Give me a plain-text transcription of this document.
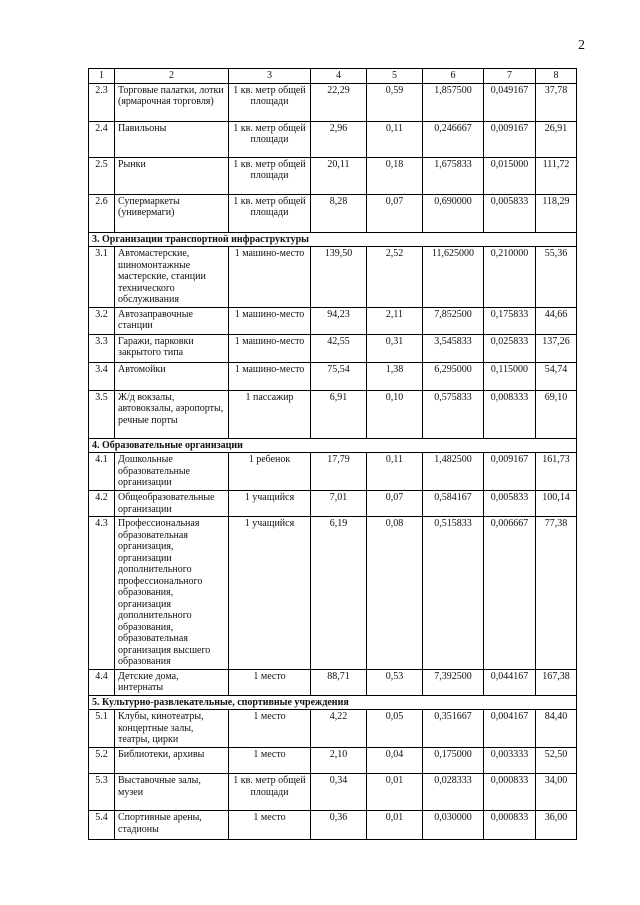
2
1	2	3	4	5	6	7	8
2.3	Торговые палатки, лотки (ярмарочная торговля)	1 кв. метр общей площади	22,29	0,59	1,857500	0,049167	37,78
2.4	Павильоны	1 кв. метр общей площади	2,96	0,11	0,246667	0,009167	26,91
2.5	Рынки	1 кв. метр общей площади	20,11	0,18	1,675833	0,015000	111,72
2.6	Супермаркеты (универмаги)	1 кв. метр общей площади	8,28	0,07	0,690000	0,005833	118,29
3. Организации транспортной инфраструктуры							
3.1	Автомастерские, шиномонтажные мастерские, станции технического обслуживания	1 машино-место	139,50	2,52	11,625000	0,210000	55,36
3.2	Автозаправочные станции	1 машино-место	94,23	2,11	7,852500	0,175833	44,66
3.3	Гаражи, парковки закрытого типа	1 машино-место	42,55	0,31	3,545833	0,025833	137,26
3.4	Автомойки	1 машино-место	75,54	1,38	6,295000	0,115000	54,74
3.5	Ж/д вокзалы, автовокзалы, аэропорты, речные порты	1 пассажир	6,91	0,10	0,575833	0,008333	69,10
4. Образовательные организации							
4.1	Дошкольные образовательные организации	1 ребенок	17,79	0,11	1,482500	0,009167	161,73
4.2	Общеобразовательные организации	1 учащийся	7,01	0,07	0,584167	0,005833	100,14
4.3	Профессиональная образовательная организация, организации дополнительного профессионального образования, организация дополнительного образования, образовательная организация высшего образования	1 учащийся	6,19	0,08	0,515833	0,006667	77,38
4.4	Детские дома, интернаты	1 место	88,71	0,53	7,392500	0,044167	167,38
5. Культурно-развлекательные, спортивные учреждения							
5.1	Клубы, кинотеатры, концертные залы, театры, цирки	1 место	4,22	0,05	0,351667	0,004167	84,40
5.2	Библиотеки, архивы	1 место	2,10	0,04	0,175000	0,003333	52,50
5.3	Выставочные залы, музеи	1 кв. метр общей площади	0,34	0,01	0,028333	0,000833	34,00
5.4	Спортивные арены, стадионы	1 место	0,36	0,01	0,030000	0,000833	36,00
